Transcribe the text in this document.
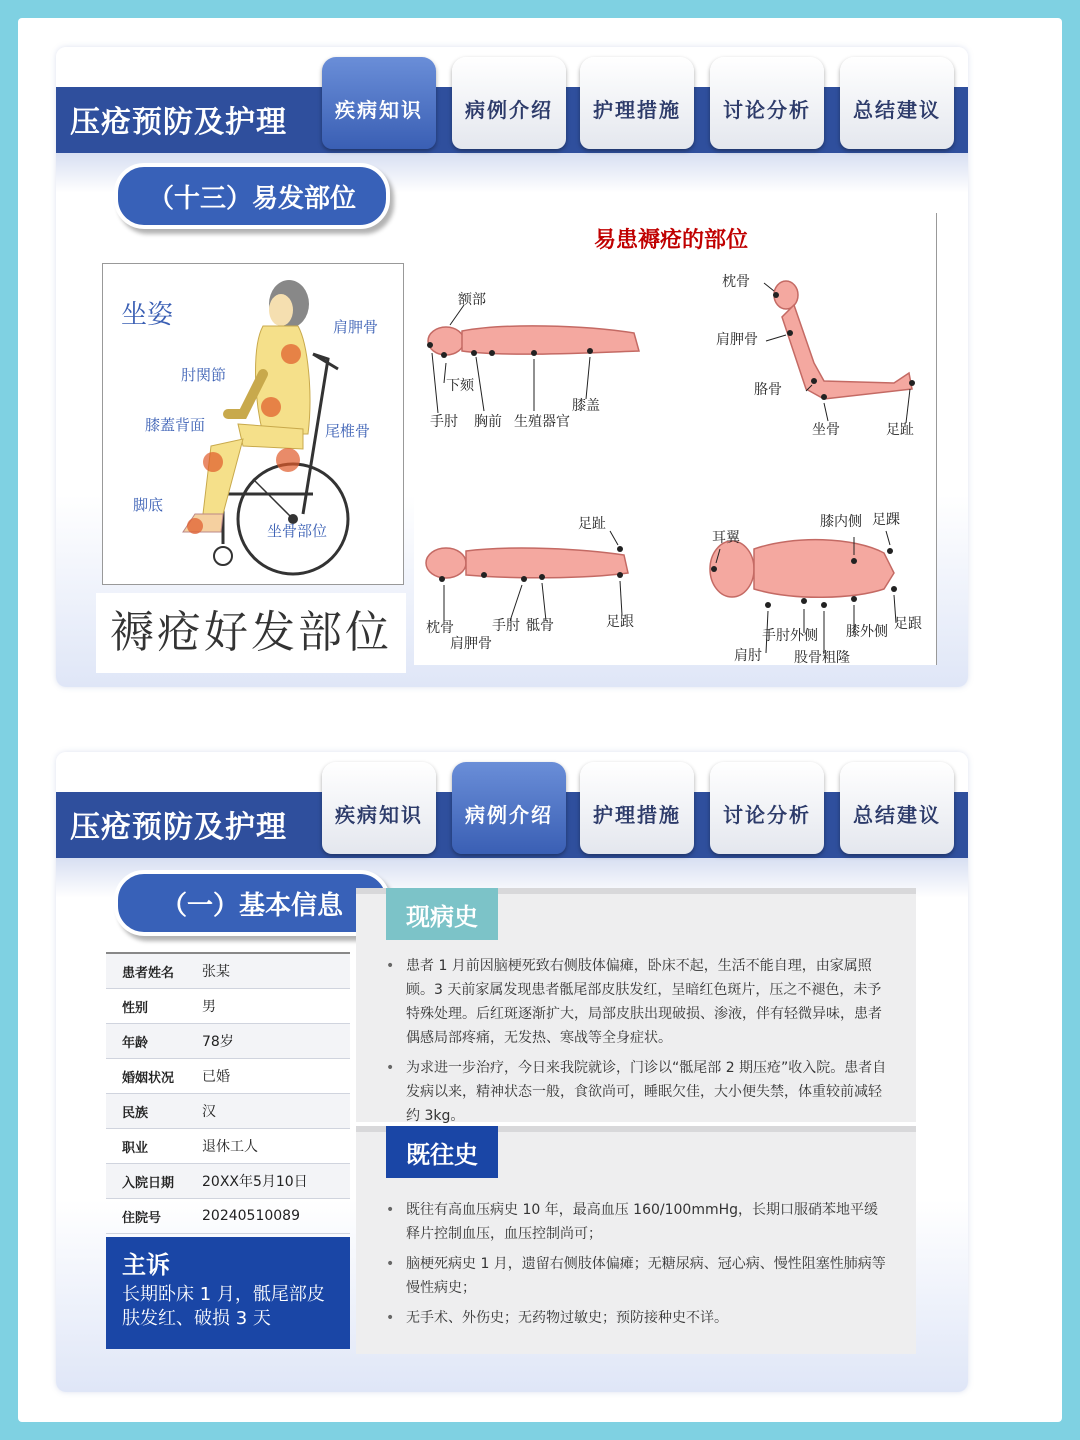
压疮预防及护理	疾病知识	病例介绍	护理措施	讨论分析	总结建议
（十三）易发部位
坐姿	肩胛骨
肘関節
膝蓋背面	尾椎骨
脚底
坐骨部位
褥疮好发部位
易患褥疮的部位
额部
下颏
手肘 胸前 生殖器官
膝盖
枕骨
肩胛骨
胳骨
坐骨	足趾
足趾
枕骨
肩胛骨
手肘 骶骨	足跟
耳翼
膝内侧 足踝
手肘外侧 膝外侧 足跟
肩肘 股骨粗隆
压疮预防及护理	疾病知识	病例介绍	护理措施	讨论分析	总结建议
（一）基本信息
患者姓名	张某
性别	男
年龄	78岁
婚姻状况	已婚
民族	汉
职业	退休工人
入院日期	20XX年5月10日
住院号	20240510089
主诉
长期卧床 1 月，骶尾部皮肤发红、破损 3 天
现病史
• 患者 1 月前因脑梗死致右侧肢体偏瘫，卧床不起，生活不能自理，由家属照顾。3 天前家属发现患者骶尾部皮肤发红，呈暗红色斑片，压之不褪色，未予特殊处理。后红斑逐渐扩大，局部皮肤出现破损、渗液，伴有轻微异味，患者偶感局部疼痛，无发热、寒战等全身症状。
• 为求进一步治疗，今日来我院就诊，门诊以“骶尾部 2 期压疮”收入院。患者自发病以来，精神状态一般，食欲尚可，睡眠欠佳，大小便失禁，体重较前减轻约 3kg。
既往史
• 既往有高血压病史 10 年，最高血压 160/100mmHg，长期口服硝苯地平缓释片控制血压，血压控制尚可；
• 脑梗死病史 1 月，遗留右侧肢体偏瘫；无糖尿病、冠心病、慢性阻塞性肺病等慢性病史；
• 无手术、外伤史；无药物过敏史；预防接种史不详。
